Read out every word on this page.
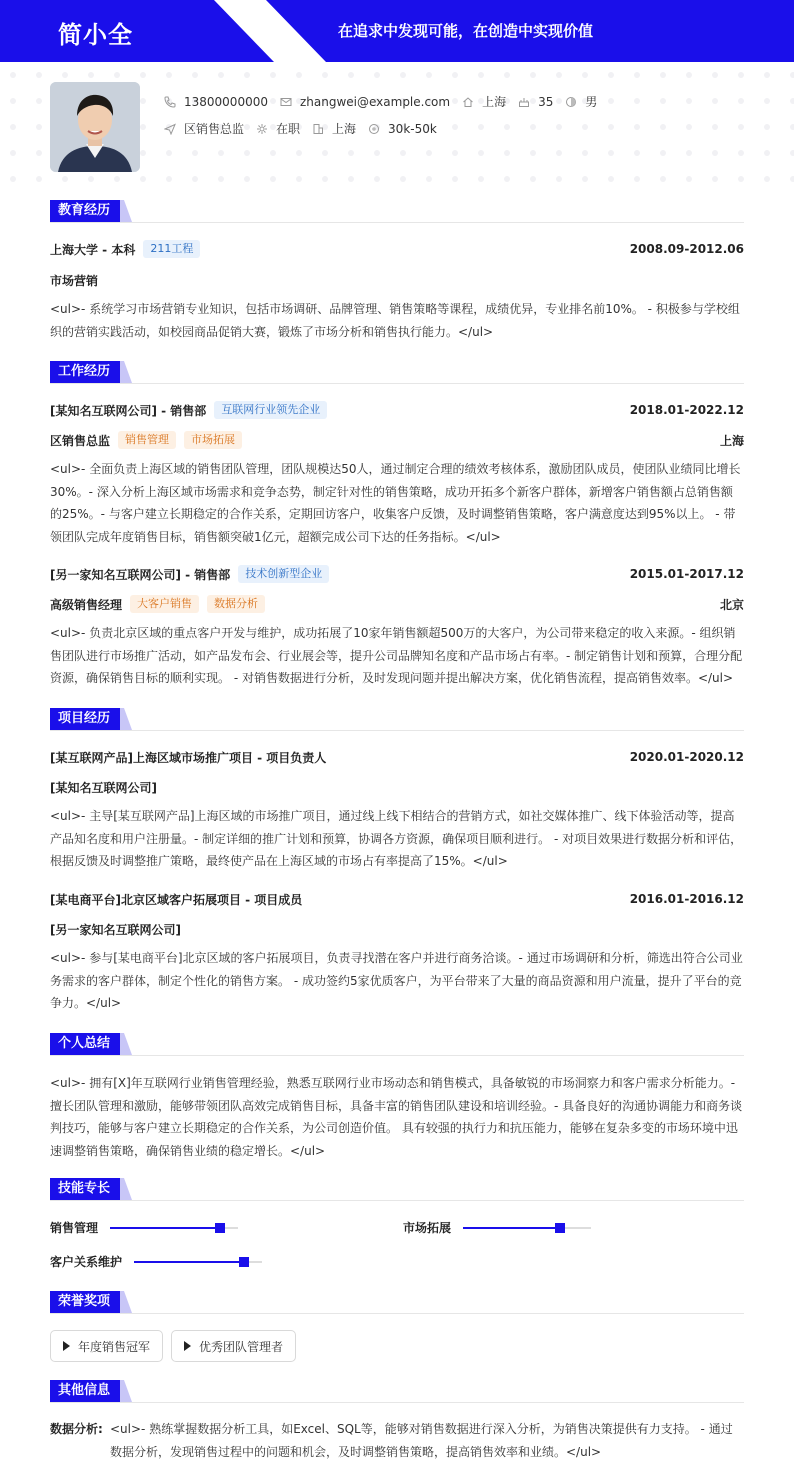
简小全	在追求中发现可能，在创造中实现价值
13800000000	zhangwei@example.com	上海	35	男
区销售总监	在职	上海	30k-50k
教育经历
上海大学 - 本科	211工程	2008.09-2012.06
市场营销
<ul>- 系统学习市场营销专业知识，包括市场调研、品牌管理、销售策略等课程，成绩优异，专业排名前10%。 - 积极参与学校组织的营销实践活动，如校园商品促销大赛，锻炼了市场分析和销售执行能力。</ul>
工作经历
[某知名互联网公司] - 销售部	互联网行业领先企业	2018.01-2022.12
区销售总监	销售管理	市场拓展	上海
<ul>- 全面负责上海区域的销售团队管理，团队规模达50人，通过制定合理的绩效考核体系，激励团队成员，使团队业绩同比增长30%。- 深入分析上海区域市场需求和竞争态势，制定针对性的销售策略，成功开拓多个新客户群体，新增客户销售额占总销售额的25%。- 与客户建立长期稳定的合作关系，定期回访客户，收集客户反馈，及时调整销售策略，客户满意度达到95%以上。 - 带领团队完成年度销售目标，销售额突破1亿元，超额完成公司下达的任务指标。</ul>
[另一家知名互联网公司] - 销售部	技术创新型企业	2015.01-2017.12
高级销售经理	大客户销售	数据分析	北京
<ul>- 负责北京区域的重点客户开发与维护，成功拓展了10家年销售额超500万的大客户，为公司带来稳定的收入来源。- 组织销售团队进行市场推广活动，如产品发布会、行业展会等，提升公司品牌知名度和产品市场占有率。- 制定销售计划和预算，合理分配资源，确保销售目标的顺利实现。 - 对销售数据进行分析，及时发现问题并提出解决方案，优化销售流程，提高销售效率。</ul>
项目经历
[某互联网产品]上海区域市场推广项目 - 项目负责人	2020.01-2020.12
[某知名互联网公司]
<ul>- 主导[某互联网产品]上海区域的市场推广项目，通过线上线下相结合的营销方式，如社交媒体推广、线下体验活动等，提高产品知名度和用户注册量。- 制定详细的推广计划和预算，协调各方资源，确保项目顺利进行。 - 对项目效果进行数据分析和评估，根据反馈及时调整推广策略，最终使产品在上海区域的市场占有率提高了15%。</ul>
[某电商平台]北京区域客户拓展项目 - 项目成员	2016.01-2016.12
[另一家知名互联网公司]
<ul>- 参与[某电商平台]北京区域的客户拓展项目，负责寻找潜在客户并进行商务洽谈。- 通过市场调研和分析，筛选出符合公司业务需求的客户群体，制定个性化的销售方案。 - 成功签约5家优质客户，为平台带来了大量的商品资源和用户流量，提升了平台的竞争力。</ul>
个人总结
<ul>- 拥有[X]年互联网行业销售管理经验，熟悉互联网行业市场动态和销售模式，具备敏锐的市场洞察力和客户需求分析能力。- 擅长团队管理和激励，能够带领团队高效完成销售目标，具备丰富的销售团队建设和培训经验。- 具备良好的沟通协调能力和商务谈判技巧，能够与客户建立长期稳定的合作关系，为公司创造价值。 具有较强的执行力和抗压能力，能够在复杂多变的市场环境中迅速调整销售策略，确保销售业绩的稳定增长。</ul>
技能专长
销售管理	市场拓展
客户关系维护
荣誉奖项
年度销售冠军	优秀团队管理者
其他信息
数据分析: <ul>- 熟练掌握数据分析工具，如Excel、SQL等，能够对销售数据进行深入分析，为销售决策提供有力支持。 - 通过数据分析，发现销售过程中的问题和机会，及时调整销售策略，提高销售效率和业绩。</ul>
